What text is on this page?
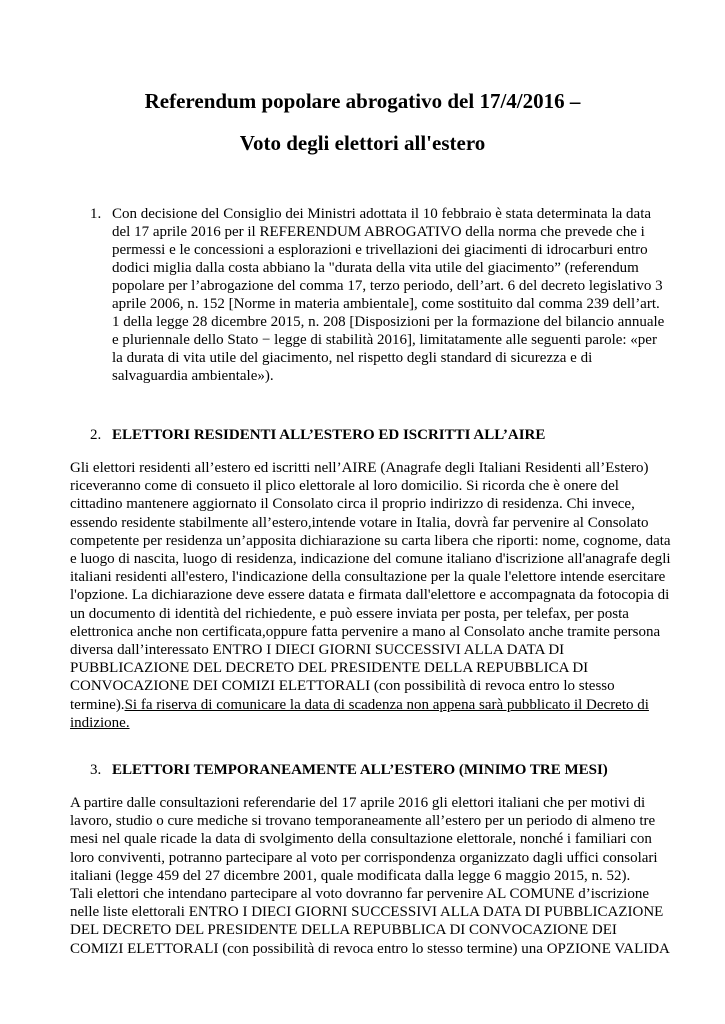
Referendum popolare abrogativo del 17/4/2016 –
Voto degli elettori all'estero
1. Con decisione del Consiglio dei Ministri adottata il 10 febbraio è stata determinata la data
del 17 aprile 2016 per il REFERENDUM ABROGATIVO della norma che prevede che i
permessi e le concessioni a esplorazioni e trivellazioni dei giacimenti di idrocarburi entro
dodici miglia dalla costa abbiano la "durata della vita utile del giacimento” (referendum
popolare per l’abrogazione del comma 17, terzo periodo, dell’art. 6 del decreto legislativo 3
aprile 2006, n. 152 [Norme in materia ambientale], come sostituito dal comma 239 dell’art.
1 della legge 28 dicembre 2015, n. 208 [Disposizioni per la formazione del bilancio annuale
e pluriennale dello Stato − legge di stabilità 2016], limitatamente alle seguenti parole: «per
la durata di vita utile del giacimento, nel rispetto degli standard di sicurezza e di
salvaguardia ambientale»).
2. ELETTORI RESIDENTI ALL’ESTERO ED ISCRITTI ALL’AIRE
Gli elettori residenti all’estero ed iscritti nell’AIRE (Anagrafe degli Italiani Residenti all’Estero)
riceveranno come di consueto il plico elettorale al loro domicilio. Si ricorda che è onere del
cittadino mantenere aggiornato il Consolato circa il proprio indirizzo di residenza. Chi invece,
essendo residente stabilmente all’estero,intende votare in Italia, dovrà far pervenire al Consolato
competente per residenza un’apposita dichiarazione su carta libera che riporti: nome, cognome, data
e luogo di nascita, luogo di residenza, indicazione del comune italiano d'iscrizione all'anagrafe degli
italiani residenti all'estero, l'indicazione della consultazione per la quale l'elettore intende esercitare
l'opzione. La dichiarazione deve essere datata e firmata dall'elettore e accompagnata da fotocopia di
un documento di identità del richiedente, e può essere inviata per posta, per telefax, per posta
elettronica anche non certificata,oppure fatta pervenire a mano al Consolato anche tramite persona
diversa dall’interessato ENTRO I DIECI GIORNI SUCCESSIVI ALLA DATA DI
PUBBLICAZIONE DEL DECRETO DEL PRESIDENTE DELLA REPUBBLICA DI
CONVOCAZIONE DEI COMIZI ELETTORALI (con possibilità di revoca entro lo stesso
termine).Si fa riserva di comunicare la data di scadenza non appena sarà pubblicato il Decreto di
indizione.
3. ELETTORI TEMPORANEAMENTE ALL’ESTERO (MINIMO TRE MESI)
A partire dalle consultazioni referendarie del 17 aprile 2016 gli elettori italiani che per motivi di
lavoro, studio o cure mediche si trovano temporaneamente all’estero per un periodo di almeno tre
mesi nel quale ricade la data di svolgimento della consultazione elettorale, nonché i familiari con
loro conviventi, potranno partecipare al voto per corrispondenza organizzato dagli uffici consolari
italiani (legge 459 del 27 dicembre 2001, quale modificata dalla legge 6 maggio 2015, n. 52).
Tali elettori che intendano partecipare al voto dovranno far pervenire AL COMUNE d’iscrizione
nelle liste elettorali ENTRO I DIECI GIORNI SUCCESSIVI ALLA DATA DI PUBBLICAZIONE
DEL DECRETO DEL PRESIDENTE DELLA REPUBBLICA DI CONVOCAZIONE DEI
COMIZI ELETTORALI (con possibilità di revoca entro lo stesso termine) una OPZIONE VALIDA
